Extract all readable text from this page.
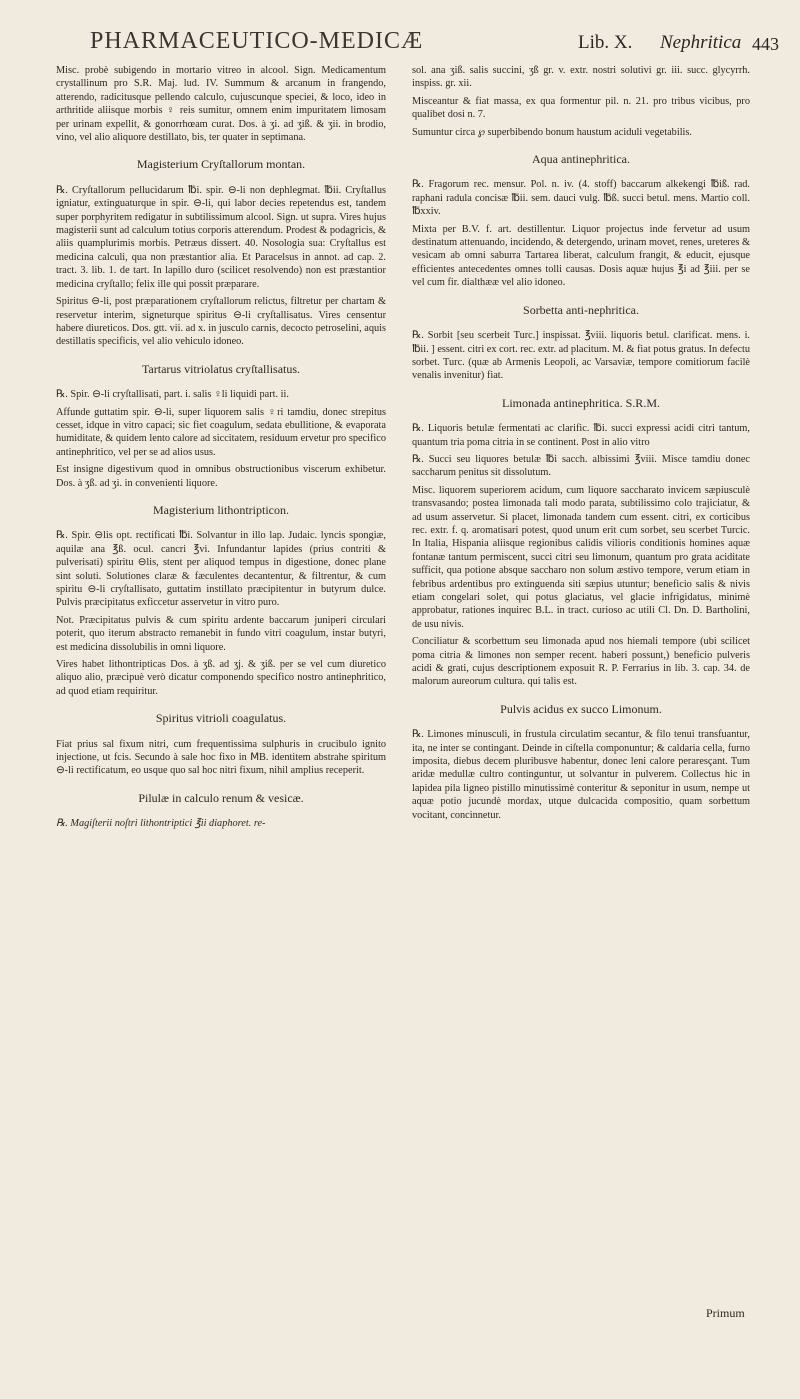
PHARMACEUTICO-MEDICÆ	Lib. X. Nephritica 443

Misc. probè subigendo in mortario vitreo in alcool. Sign. Medicamentum crystallinum pro S.R. Maj. lud. IV. Summum & arcanum in frangendo, atterendo, radicitusque pellendo calculo, cujuscunque speciei, & loco, ideo in arthritide aliisque morbis ♀ reis sumitur, omnem enim impuritatem limosam per urinam expellit, & gonorrhœam curat. Dos. à ʒi. ad ʒiß. & ʒii. in brodio, vino, vel alio aliquore destillato, bis, ter quater in septimana.

Magisterium Cryſtallorum montan.

℞. Cryſtallorum pellucidarum ℔i. spir. ⊖-li non dephlegmat. ℔ii. Cryſtallus igniatur, extinguaturque in spir. ⊖-li, qui labor decies repetendus est, tandem super porphyritem redigatur in subtilissimum alcool. Sign. ut supra. Vires hujus magisterii sunt ad calculum totius corporis atterendum. Prodest & podagricis, & aliis quamplurimis morbis. Petræus dissert. 40. Nosologia sua: Cryſtallus est medicina calculi, qua non præstantior alia. Et Paracelsus in annot. ad cap. 2. tract. 3. lib. 1. de tart. In lapillo duro (scilicet resolvendo) non est præstantior medicina cryſtallo; felix ille qui possit præparare.

Spiritus ⊖-li, post præparationem cryſtallorum relictus, filtretur per chartam & reservetur interim, signeturque spiritus ⊖-li cryſtallisatus. Vires censentur habere diureticos. Dos. gtt. vii. ad x. in jusculo carnis, decocto petroselini, aquis destillatis specificis, vel alio vehiculo idoneo.

Tartarus vitriolatus cryſtallisatus.

℞. Spir. ⊖-li cryſtallisati, part. i. salis ♀li liquidi part. ii.

Affunde guttatim spir. ⊖-li, super liquorem salis ♀ri tamdiu, donec strepitus cesset, idque in vitro capaci; sic fiet coagulum, sedata ebullitione, & evaporata humiditate, & quidem lento calore ad siccitatem, residuum ervetur pro specifico antinephritico, vel per se ad alios usus.

Est insigne digestivum quod in omnibus obstructionibus viscerum exhibetur. Dos. à ʒß. ad ʒi. in convenienti liquore.

Magisterium lithontripticon.

℞. Spir. ⊖lis opt. rectificati ℔i. Solvantur in illo lap. Judaic. lyncis spongiæ, aquilæ ana ℥ß. ocul. cancri ℥vi. Infundantur lapides (prius contriti & pulverisati) spiritu ⊖lis, stent per aliquod tempus in digestione, donec plane sint soluti. Solutiones claræ & fæculentes decantentur, & filtrentur, & cum spiritu ⊖-li cryſtallisato, guttatim instillato præcipitentur in butyrum dulce. Pulvis præcipitatus exficcetur asservetur in vitro puro.

Not. Præcipitatus pulvis & cum spiritu ardente baccarum juniperi circulari poterit, quo iterum abstracto remanebit in fundo vitri coagulum, instar butyri, est medicina dissolubilis in omni liquore.

Vires habet lithontripticas Dos. à ʒß. ad ʒj. & ʒiß. per se vel cum diuretico aliquo alio, præcipuè verò dicatur componendo specifico nostro antinephritico, ad quod etiam requiritur.

Spiritus vitrioli coagulatus.

Fiat prius sal fixum nitri, cum frequentissima sulphuris in crucibulo ignito injectione, ut fcis. Secundo à sale hoc fixo in ⅯB. identitem abstrahe spiritum ⊖-li rectificatum, eo usque quo sal hoc nitri fixum, nihil amplius receperit.

Pilulæ in calculo renum & vesicæ.

℞. Magiſterii noſtri lithontriptici ℥ii diaphoret. re-

sol. ana ʒiß. salis succini, ʒß gr. v. extr. nostri solutivi gr. iii. succ. glycyrrh. inspiss. gr. xii.

Misceantur & fiat massa, ex qua formentur pil. n. 21. pro tribus vicibus, pro qualibet dosi n. 7.

Sumuntur circa ℘ superbibendo bonum haustum aciduli vegetabilis.

Aqua antinephritica.

℞. Fragorum rec. mensur. Pol. n. iv. (4. stoff) baccarum alkekengi ℔iß. rad. raphani radula concisæ ℔ii. sem. dauci vulg. ℔ß. succi betul. mens. Martio coll. ℔xxiv.

Mixta per B.V. f. art. destillentur. Liquor projectus inde fervetur ad usum destinatum attenuando, incidendo, & detergendo, urinam movet, renes, ureteres & vesicam ab omni saburra Tartarea liberat, calculum frangit, & educit, ejusque efficientes antecedentes omnes tolli causas. Dosis aquæ hujus ℥i ad ℥iii. per se vel cum fir. dialthææ vel alio idoneo.

Sorbetta anti-nephritica.

℞. Sorbit [seu scerbeit Turc.] inspissat. ℥viii. liquoris betul. clarificat. mens. i. ℔ii. ] essent. citri ex cort. rec. extr. ad placitum. M. & fiat potus gratus. In defectu sorbet. Turc. (quæ ab Armenis Leopoli, ac Varsaviæ, tempore comitiorum facilè venalis invenitur) fiat.

Limonada antinephritica. S.R.M.

℞. Liquoris betulæ fermentati ac clarific. ℔i. succi expressi acidi citri tantum, quantum tria poma citria in se continent. Post in alio vitro

℞. Succi seu liquores betulæ ℔i sacch. albissimi ℥viii. Misce tamdiu donec saccharum penitus sit dissolutum.

Misc. liquorem superiorem acidum, cum liquore saccharato invicem sæpiusculè transvasando; postea limonada tali modo parata, subtilissimo colo trajiciatur, & ad usum asservetur. Si placet, limonada tandem cum essent. citri, ex corticibus rec. extr. f. q. aromatisari potest, quod unum erit cum sorbet, seu scerbet Turcic. In Italia, Hispania aliisque regionibus calidis vilioris conditionis homines aquæ fontanæ tantum permiscent, succi citri seu limonum, quantum pro grata aciditate sufficit, qua potione absque saccharo non solum æstivo tempore, verum etiam in febribus ardentibus pro extinguenda siti sæpius utuntur; beneficio salis & nivis etiam congelari solet, qui potus glaciatus, vel glacie infrigidatus, minimè approbatur, rationes inquirec B.L. in tract. curioso ac utili Cl. Dn. D. Bartholini, de usu nivis.

Conciliatur & scorbettum seu limonada apud nos hiemali tempore (ubi scilicet poma citria & limones non semper recent. haberi possunt,) beneficio pulveris acidi & grati, cujus descriptionem exposuit R. P. Ferrarius in lib. 3. cap. 34. de malorum aureorum cultura. qui talis est.

Pulvis acidus ex succo Limonum.

℞. Limones minusculi, in frustula circulatim secantur, & filo tenui transfuantur, ita, ne inter se contingant. Deinde in ciſtella componuntur; & caldaria cella, furno imposita, diebus decem pluribusve habentur, donec leni calore peraresçant. Tum aridæ medullæ cultro continguntur, ut solvantur in pulverem. Collectus hic in lapidea pila ligneo pistillo minutissimè conteritur & seponitur in usum, nempe ut aquæ potio jucundè mordax, utque dulcacida compositio, quam sorbettum vocitant, concinnetur.

Primum
